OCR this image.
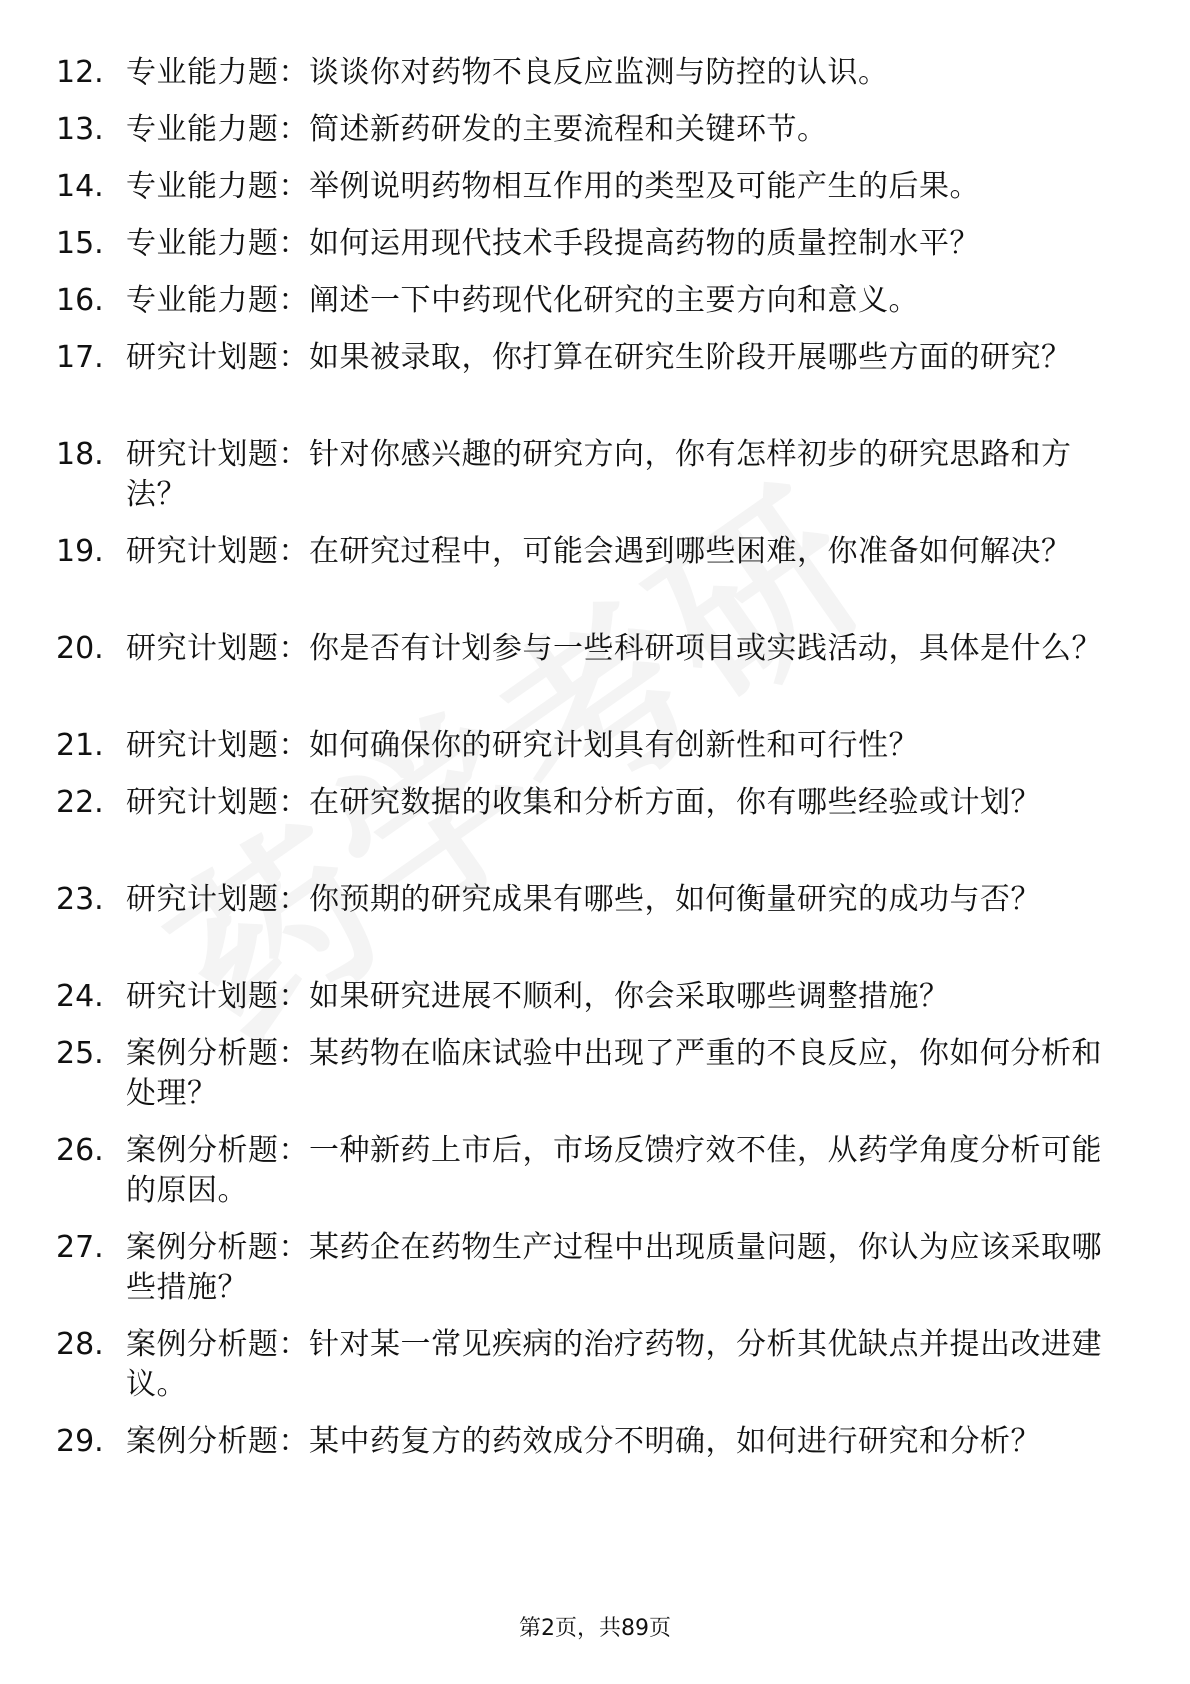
12. 专业能力题：谈谈你对药物不良反应监测与防控的认识。
13. 专业能力题：简述新药研发的主要流程和关键环节。
14. 专业能力题：举例说明药物相互作用的类型及可能产生的后果。
15. 专业能力题：如何运用现代技术手段提高药物的质量控制水平？
16. 专业能力题：阐述一下中药现代化研究的主要方向和意义。
17. 研究计划题：如果被录取，你打算在研究生阶段开展哪些方面的研究？
18. 研究计划题：针对你感兴趣的研究方向，你有怎样初步的研究思路和方法？
19. 研究计划题：在研究过程中，可能会遇到哪些困难，你准备如何解决？
20. 研究计划题：你是否有计划参与一些科研项目或实践活动，具体是什么？
21. 研究计划题：如何确保你的研究计划具有创新性和可行性？
22. 研究计划题：在研究数据的收集和分析方面，你有哪些经验或计划？
23. 研究计划题：你预期的研究成果有哪些，如何衡量研究的成功与否？
24. 研究计划题：如果研究进展不顺利，你会采取哪些调整措施？
25. 案例分析题：某药物在临床试验中出现了严重的不良反应，你如何分析和处理？
26. 案例分析题：一种新药上市后，市场反馈疗效不佳，从药学角度分析可能的原因。
27. 案例分析题：某药企在药物生产过程中出现质量问题，你认为应该采取哪些措施？
28. 案例分析题：针对某一常见疾病的治疗药物，分析其优缺点并提出改进建议。
29. 案例分析题：某中药复方的药效成分不明确，如何进行研究和分析？
第2页，共89页
